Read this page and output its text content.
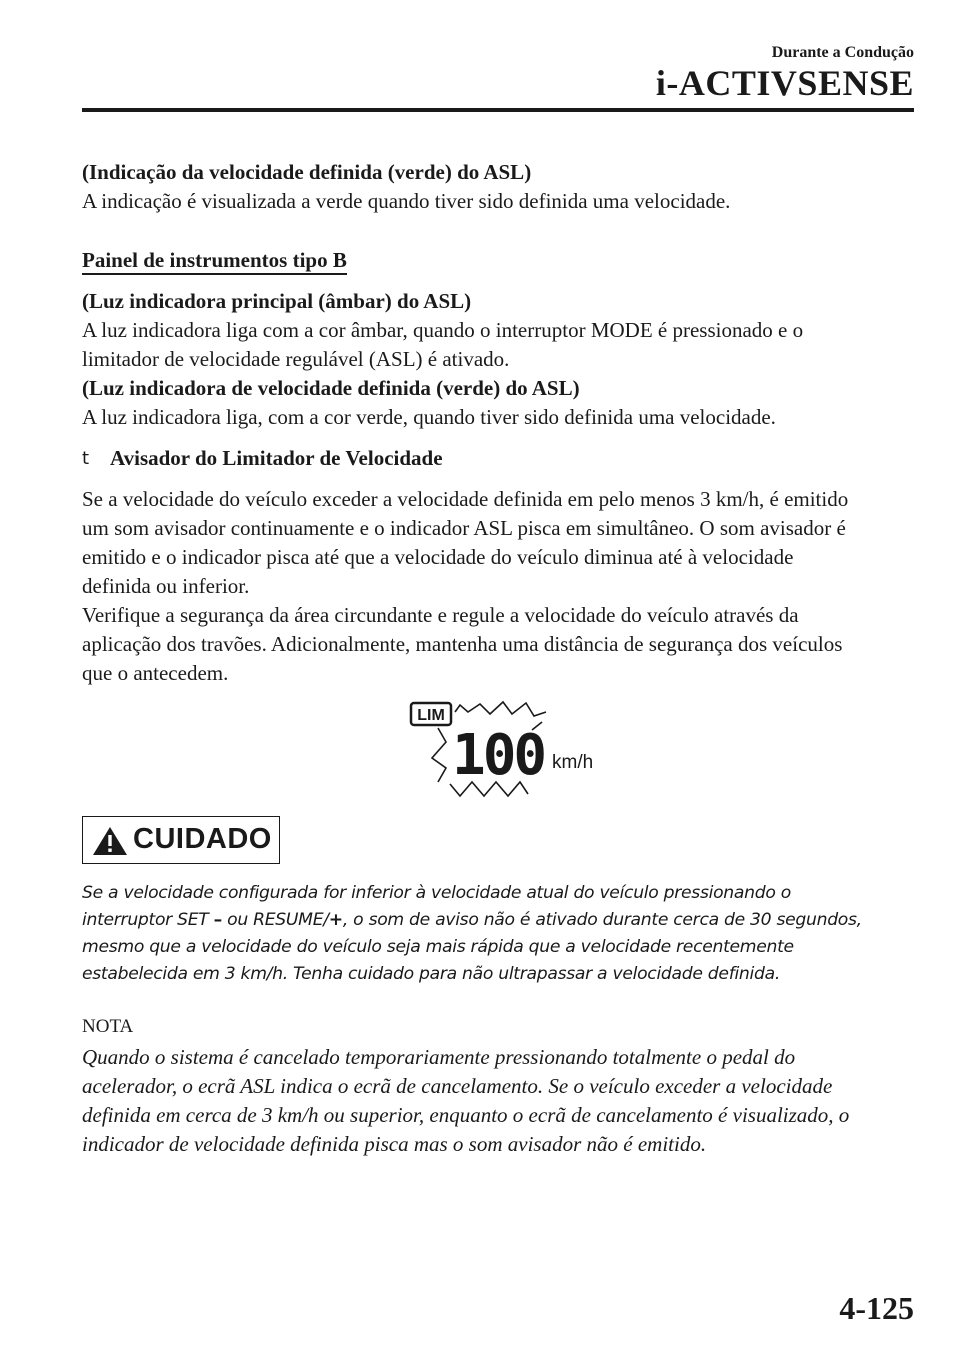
Durante a Condução
i-ACTIVSENSE

(Indicação da velocidade definida (verde) do ASL)

A indicação é visualizada a verde quando tiver sido definida uma velocidade.

Painel de instrumentos tipo B

(Luz indicadora principal (âmbar) do ASL)

A luz indicadora liga com a cor âmbar, quando o interruptor MODE é pressionado e o

limitador de velocidade regulável (ASL) é ativado.

(Luz indicadora de velocidade definida (verde) do ASL)

A luz indicadora liga, com a cor verde, quando tiver sido definida uma velocidade.

t Avisador do Limitador de Velocidade

Se a velocidade do veículo exceder a velocidade definida em pelo menos 3 km/h, é emitido

um som avisador continuamente e o indicador ASL pisca em simultâneo. O som avisador é

emitido e o indicador pisca até que a velocidade do veículo diminua até à velocidade

definida ou inferior.

Verifique a segurança da área circundante e regule a velocidade do veículo através da

aplicação dos travões. Adicionalmente, mantenha uma distância de segurança dos veículos

que o antecedem.

LIM
100 km/h
CUIDADO
Se a velocidade configurada for inferior à velocidade atual do veículo pressionando o
interruptor SET – ou RESUME/+, o som de aviso não é ativado durante cerca de 30 segundos,
mesmo que a velocidade do veículo seja mais rápida que a velocidade recentemente
estabelecida em 3 km/h. Tenha cuidado para não ultrapassar a velocidade definida.
NOTA
Quando o sistema é cancelado temporariamente pressionando totalmente o pedal do
acelerador, o ecrã ASL indica o ecrã de cancelamento. Se o veículo exceder a velocidade
definida em cerca de 3 km/h ou superior, enquanto o ecrã de cancelamento é visualizado, o
indicador de velocidade definida pisca mas o som avisador não é emitido.
4-125
